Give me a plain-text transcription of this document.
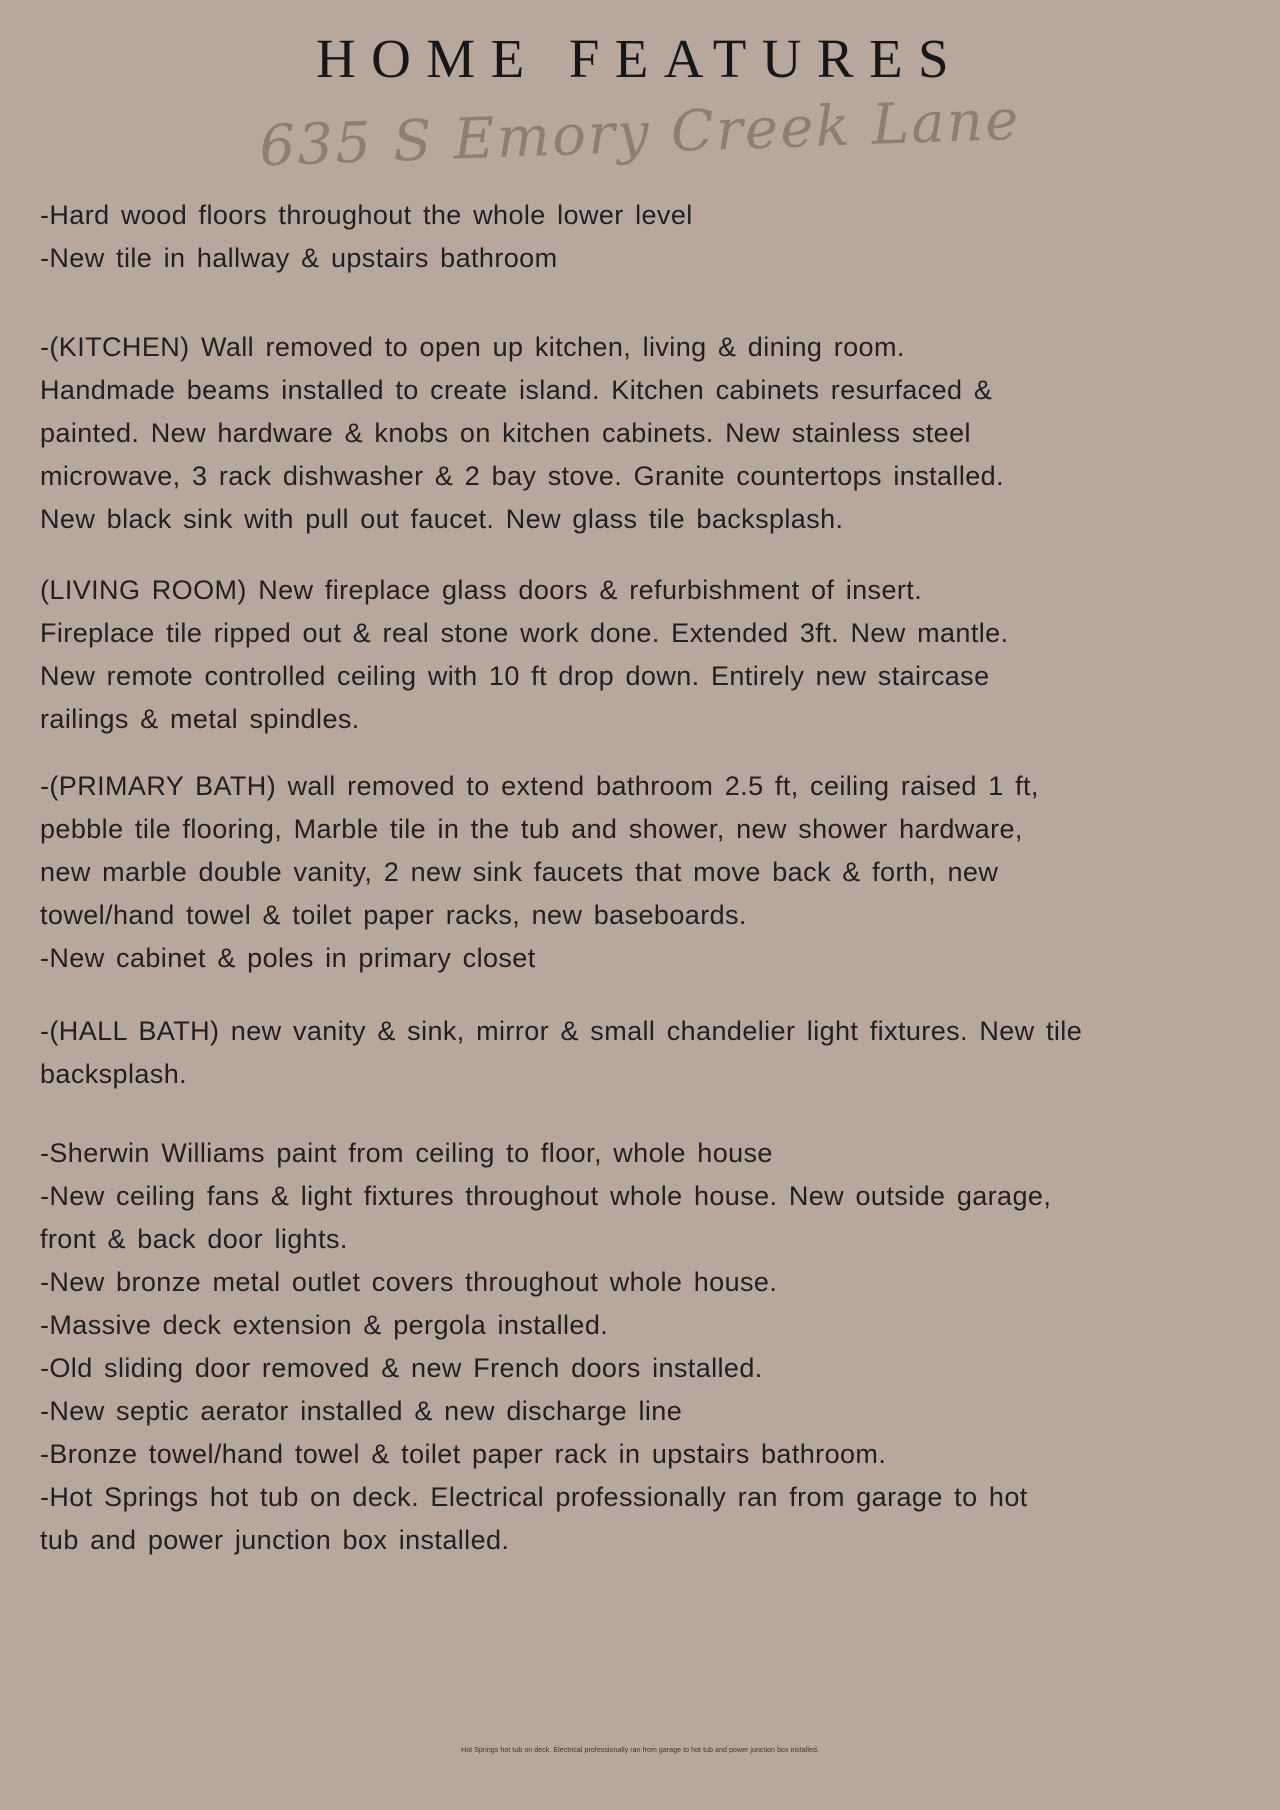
HOME FEATURES
635 S Emory Creek Lane
-Hard wood floors throughout the whole lower level
-New tile in hallway & upstairs bathroom
-(KITCHEN) Wall removed to open up kitchen, living & dining room.
Handmade beams installed to create island. Kitchen cabinets resurfaced &
painted. New hardware & knobs on kitchen cabinets. New stainless steel
microwave, 3 rack dishwasher & 2 bay stove. Granite countertops installed.
New black sink with pull out faucet. New glass tile backsplash.
(LIVING ROOM) New fireplace glass doors & refurbishment of insert.
Fireplace tile ripped out & real stone work done. Extended 3ft. New mantle.
New remote controlled ceiling with 10 ft drop down. Entirely new staircase
railings & metal spindles.
-(PRIMARY BATH) wall removed to extend bathroom 2.5 ft, ceiling raised 1 ft,
pebble tile flooring, Marble tile in the tub and shower, new shower hardware,
new marble double vanity, 2 new sink faucets that move back & forth, new
towel/hand towel & toilet paper racks, new baseboards.
-New cabinet & poles in primary closet
-(HALL BATH) new vanity & sink, mirror & small chandelier light fixtures. New tile
backsplash.
-Sherwin Williams paint from ceiling to floor, whole house
-New ceiling fans & light fixtures throughout whole house. New outside garage,
front & back door lights.
-New bronze metal outlet covers throughout whole house.
-Massive deck extension & pergola installed.
-Old sliding door removed & new French doors installed.
-New septic aerator installed & new discharge line
-Bronze towel/hand towel & toilet paper rack in upstairs bathroom.
-Hot Springs hot tub on deck. Electrical professionally ran from garage to hot
tub and power junction box installed.
Hot Springs hot tub on deck. Electrical professionally ran from garage to hot tub and power junction box installed.
